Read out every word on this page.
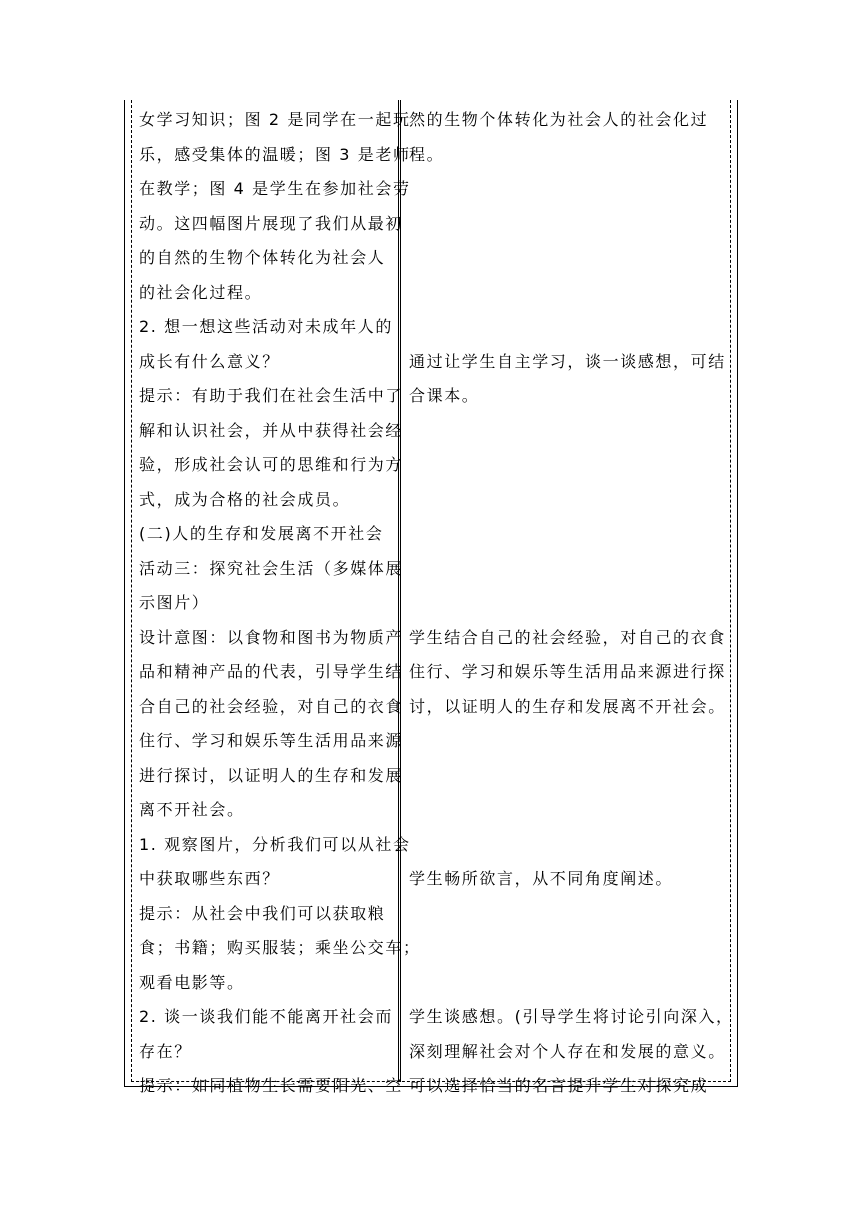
女学习知识；图 2 是同学在一起玩
乐，感受集体的温暖；图 3 是老师
在教学；图 4 是学生在参加社会劳
动。这四幅图片展现了我们从最初
的自然的生物个体转化为社会人
的社会化过程。
2. 想一想这些活动对未成年人的
成长有什么意义？
提示：有助于我们在社会生活中了
解和认识社会，并从中获得社会经
验，形成社会认可的思维和行为方
式，成为合格的社会成员。
(二)人的生存和发展离不开社会
活动三：探究社会生活（多媒体展
示图片）
设计意图：以食物和图书为物质产
品和精神产品的代表，引导学生结
合自己的社会经验，对自己的衣食
住行、学习和娱乐等生活用品来源
进行探讨，以证明人的生存和发展
离不开社会。
1. 观察图片，分析我们可以从社会
中获取哪些东西？
提示：从社会中我们可以获取粮
食；书籍；购买服装；乘坐公交车；
观看电影等。
2. 谈一谈我们能不能离开社会而
存在？
提示：如同植物生长需要阳光、空
然的生物个体转化为社会人的社会化过
程。
通过让学生自主学习，谈一谈感想，可结
合课本。
学生结合自己的社会经验，对自己的衣食
住行、学习和娱乐等生活用品来源进行探
讨，以证明人的生存和发展离不开社会。
学生畅所欲言，从不同角度阐述。
学生谈感想。(引导学生将讨论引向深入，
深刻理解社会对个人存在和发展的意义。
可以选择恰当的名言提升学生对探究成
